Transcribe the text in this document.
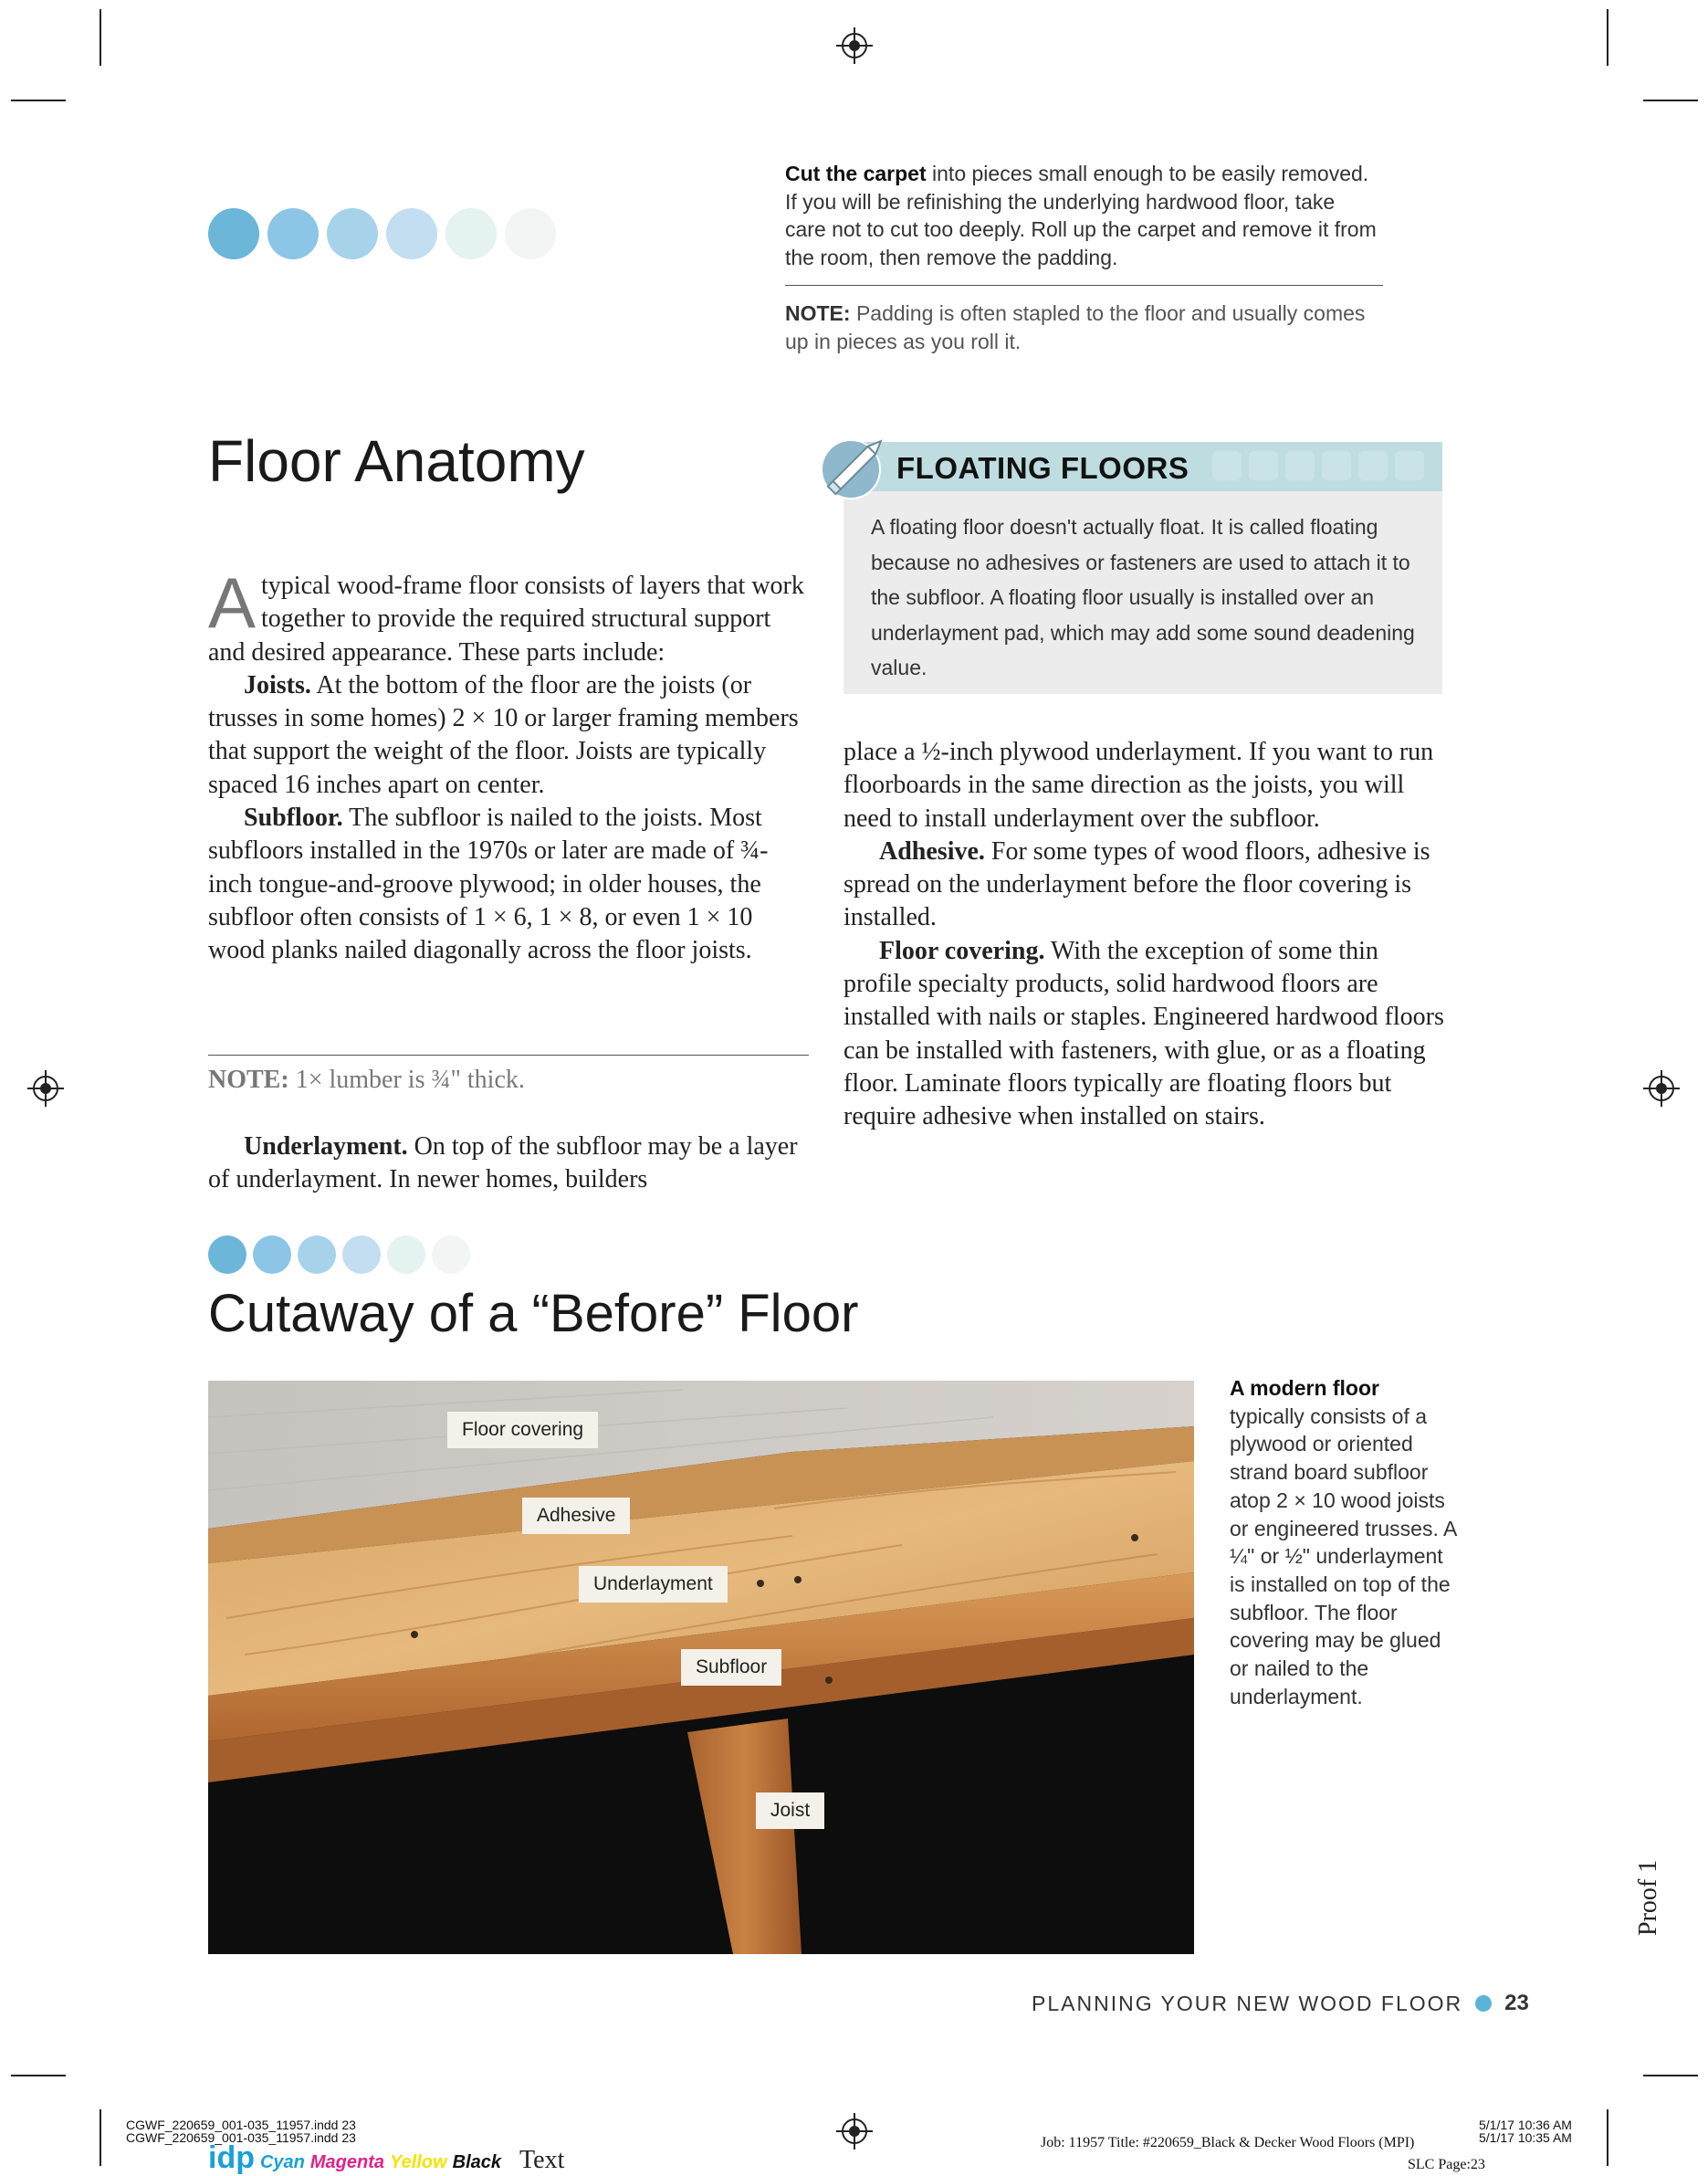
Cut the carpet into pieces small enough to be easily removed. If you will be refinishing the underlying hardwood floor, take care not to cut too deeply. Roll up the carpet and remove it from the room, then remove the padding.
NOTE: Padding is often stapled to the floor and usually comes up in pieces as you roll it.
Floor Anatomy

A typical wood-frame floor consists of layers that work together to provide the required structural support and desired appearance. These parts include:

Joists. At the bottom of the floor are the joists (or trusses in some homes) 2 × 10 or larger framing members that support the weight of the floor. Joists are typically spaced 16 inches apart on center.

Subfloor. The subfloor is nailed to the joists. Most subfloors installed in the 1970s or later are made of ¾-inch tongue-and-groove plywood; in older houses, the subfloor often consists of 1 × 6, 1 × 8, or even 1 × 10 wood planks nailed diagonally across the floor joists.

NOTE: 1× lumber is ¾" thick.

Underlayment. On top of the subfloor may be a layer of underlayment. In newer homes, builders

FLOATING FLOORS
A floating floor doesn't actually float. It is called floating because no adhesives or fasteners are used to attach it to the subfloor. A floating floor usually is installed over an underlayment pad, which may add some sound deadening value.

place a ½-inch plywood underlayment. If you want to run floorboards in the same direction as the joists, you will need to install underlayment over the subfloor.

Adhesive. For some types of wood floors, adhesive is spread on the underlayment before the floor covering is installed.

Floor covering. With the exception of some thin profile specialty products, solid hardwood floors are installed with nails or staples. Engineered hardwood floors can be installed with fasteners, with glue, or as a floating floor. Laminate floors typically are floating floors but require adhesive when installed on stairs.

Cutaway of a “Before” Floor
Floor covering
Adhesive
Underlayment
Subfloor
Joist
A modern floor
typically consists of a plywood or oriented strand board subfloor atop 2 × 10 wood joists or engineered trusses. A ¼" or ½" underlayment is installed on top of the subfloor. The floor covering may be glued or nailed to the underlayment.
Proof 1
PLANNING YOUR NEW WOOD FLOOR 23
CGWF_220659_001-035_11957.indd 23
CGWF_220659_001-035_11957.indd 23
idp Cyan Magenta Yellow Black Text
Job: 11957 Title: #220659_Black & Decker Wood Floors (MPI)
5/1/17 10:36 AM
5/1/17 10:35 AM
SLC Page:23
